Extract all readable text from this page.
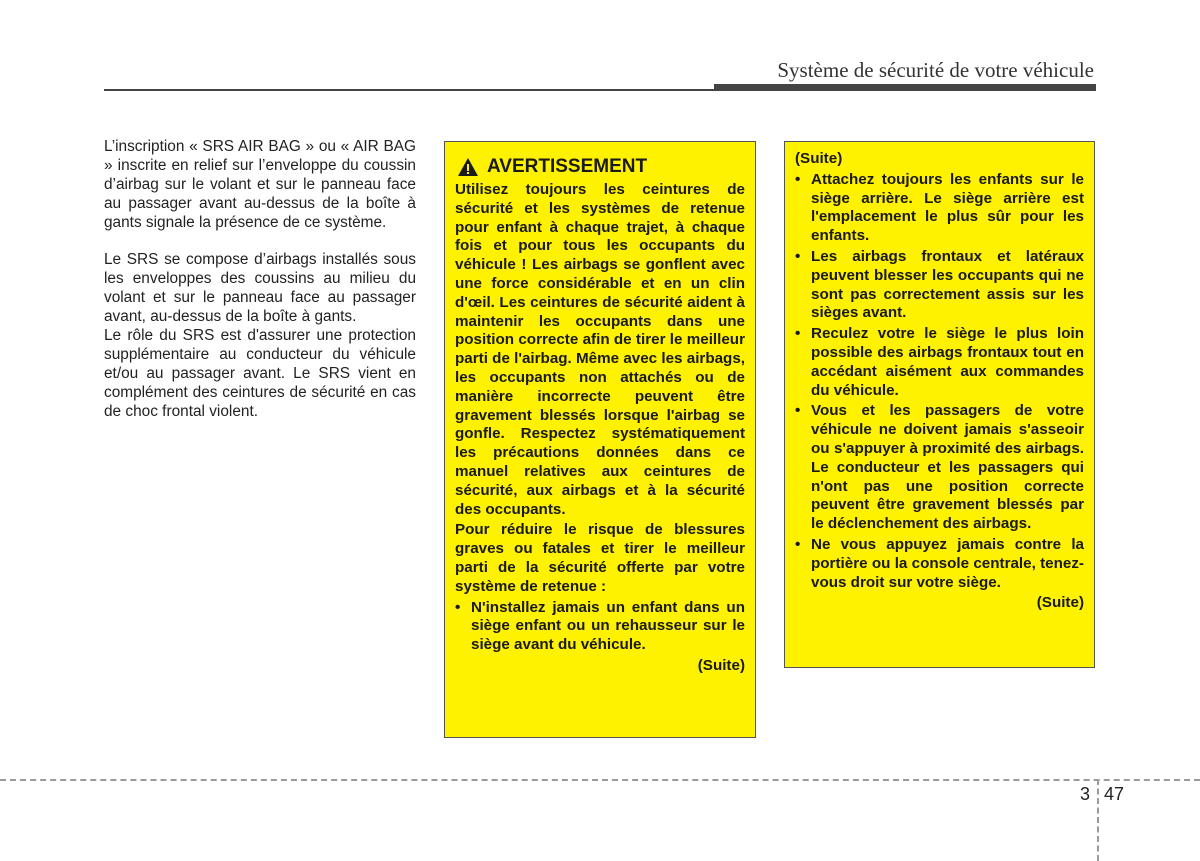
Système de sécurité de votre véhicule

L’inscription « SRS AIR BAG » ou « AIR BAG » inscrite en relief sur l’enveloppe du coussin d’airbag sur le volant et sur le panneau face au passager avant au-dessus de la boîte à gants signale la présence de ce système.

Le SRS se compose d’airbags installés sous les enveloppes des coussins au milieu du volant et sur le panneau face au passager avant, au-dessus de la boîte à gants.

Le rôle du SRS est d'assurer une protection supplémentaire au conducteur du véhicule et/ou au passager avant. Le SRS vient en complément des ceintures de sécurité en cas de choc frontal violent.

AVERTISSEMENT

Utilisez toujours les ceintures de sécurité et les systèmes de retenue pour enfant à chaque trajet, à chaque fois et pour tous les occupants du véhicule ! Les airbags se gonflent avec une force considérable et en un clin d'œil. Les ceintures de sécurité aident à maintenir les occupants dans une position correcte afin de tirer le meilleur parti de l'airbag. Même avec les airbags, les occupants non attachés ou de manière incorrecte peuvent être gravement blessés lorsque l'airbag se gonfle. Respectez systématiquement les précautions données dans ce manuel relatives aux ceintures de sécurité, aux airbags et à la sécurité des occupants.

Pour réduire le risque de blessures graves ou fatales et tirer le meilleur parti de la sécurité offerte par votre système de retenue :

• N'installez jamais un enfant dans un siège enfant ou un rehausseur sur le siège avant du véhicule.
(Suite)
(Suite)
• Attachez toujours les enfants sur le siège arrière. Le siège arrière est l'emplacement le plus sûr pour les enfants.
• Les airbags frontaux et latéraux peuvent blesser les occupants qui ne sont pas correctement assis sur les sièges avant.
• Reculez votre le siège le plus loin possible des airbags frontaux tout en accédant aisément aux commandes du véhicule.
• Vous et les passagers de votre véhicule ne doivent jamais s'asseoir ou s'appuyer à proximité des airbags. Le conducteur et les passagers qui n'ont pas une position correcte peuvent être gravement blessés par le déclenchement des airbags.
• Ne vous appuyez jamais contre la portière ou la console centrale, tenez-vous droit sur votre siège.
(Suite)
3 47
